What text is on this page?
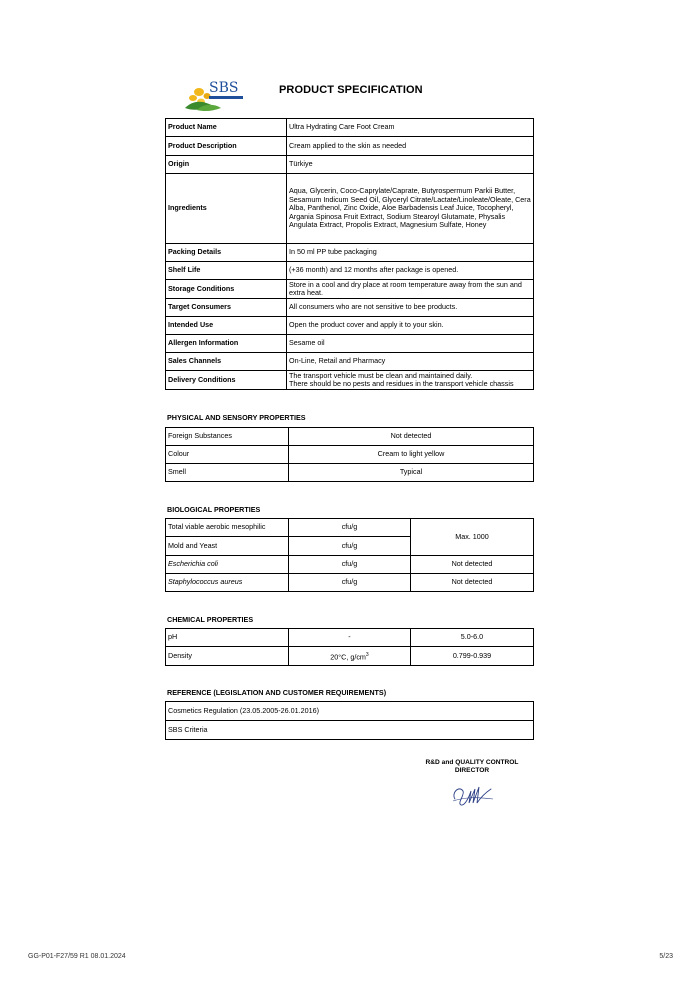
SBS	PRODUCT SPECIFICATION
Product Name	Ultra Hydrating Care Foot Cream
Product Description	Cream applied to the skin as needed
Origin	Türkiye
Ingredients	Aqua, Glycerin, Coco-Caprylate/Caprate, Butyrospermum Parkii Butter, Sesamum Indicum Seed Oil, Glyceryl Citrate/Lactate/Linoleate/Oleate, Cera Alba, Panthenol, Zinc Oxide, Aloe Barbadensis Leaf Juice, Tocopheryl, Argania Spinosa Fruit Extract, Sodium Stearoyl Glutamate, Physalis Angulata Extract, Propolis Extract, Magnesium Sulfate, Honey
Packing Details	In 50 ml PP tube packaging
Shelf Life	(+36 month) and 12 months after package is opened.
Storage Conditions	Store in a cool and dry place at room temperature away from the sun and extra heat.
Target Consumers	All consumers who are not sensitive to bee products.
Intended Use	Open the product cover and apply it to your skin.
Allergen Information	Sesame oil
Sales Channels	On-Line, Retail and Pharmacy
Delivery Conditions	The transport vehicle must be clean and maintained daily.
There should be no pests and residues in the transport vehicle chassis
PHYSICAL AND SENSORY PROPERTIES
Foreign Substances	Not detected
Colour	Cream to light yellow
Smell	Typical
BIOLOGICAL PROPERTIES
Total viable aerobic mesophilic	cfu/g	Max. 1000
Mold and Yeast	cfu/g	
Escherichia coli	cfu/g	Not detected
Staphylococcus aureus	cfu/g	Not detected
CHEMICAL PROPERTIES
pH	-	5.0-6.0
Density	20°C, $g/cm^3$	0.799-0.939
REFERENCE (LEGISLATION AND CUSTOMER REQUIREMENTS)
Cosmetics Regulation (23.05.2005-26.01.2016)
SBS Criteria
R&D and QUALITY CONTROL
DIRECTOR
GG-P01-F27/59 R1 08.01.2024	5/23
